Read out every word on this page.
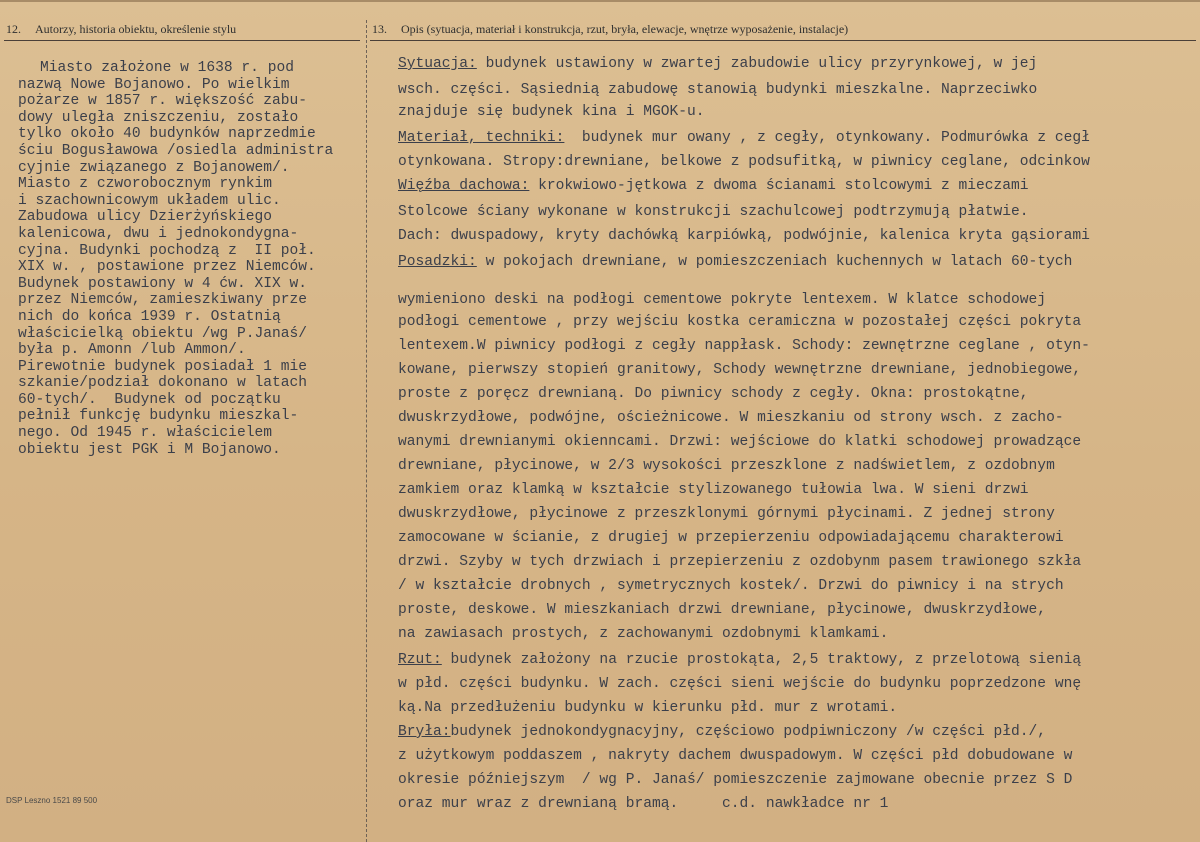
12. Autorzy, historia obiektu, określenie stylu	13. Opis (sytuacja, materiał i konstrukcja, rzut, bryła, elewacje, wnętrze wyposażenie, instalacje)
Miasto założone w 1638 r. pod
nazwą Nowe Bojanowo. Po wielkim
pożarze w 1857 r. większość zabu-
dowy uległa zniszczeniu, zostało
tylko około 40 budynków naprzedmie
ściu Bogusławowa /osiedla administra
cyjnie związanego z Bojanowem/.
Miasto z czworobocznym rynkim
i szachownicowym układem ulic.
Zabudowa ulicy Dzierżyńskiego
kalenicowa, dwu i jednokondygna-
cyjna. Budynki pochodzą z  II poł.
XIX w. , postawione przez Niemców.
Budynek postawiony w 4 ćw. XIX w.
przez Niemców, zamieszkiwany prze
nich do końca 1939 r. Ostatnią
właścicielką obiektu /wg P.Janaś/
była p. Amonn /lub Ammon/.
Pirewotnie budynek posiadał 1 mie
szkanie/podział dokonano w latach
60-tych/.  Budynek od początku
pełnił funkcję budynku mieszkal-
nego. Od 1945 r. właścicielem
obiektu jest PGK i M Bojanowo.
Sytuacja: budynek ustawiony w zwartej zabudowie ulicy przyrynkowej, w jej
wsch. części. Sąsiednią zabudowę stanowią budynki mieszkalne. Naprzeciwko
znajduje się budynek kina i MGOK-u.
Materiał, techniki:  budynek mur owany , z cegły, otynkowany. Podmurówka z cegł
otynkowana. Stropy:drewniane, belkowe z podsufitką, w piwnicy ceglane, odcinkow
Więźba dachowa: krokwiowo-jętkowa z dwoma ścianami stolcowymi z mieczami
Stolcowe ściany wykonane w konstrukcji szachulcowej podtrzymują płatwie.
Dach: dwuspadowy, kryty dachówką karpiówką, podwójnie, kalenica kryta gąsiorami
Posadzki: w pokojach drewniane, w pomieszczeniach kuchennych w latach 60-tych
wymieniono deski na podłogi cementowe pokryte lentexem. W klatce schodowej
podłogi cementowe , przy wejściu kostka ceramiczna w pozostałej części pokryta
lentexem.W piwnicy podłogi z cegły nappłask. Schody: zewnętrzne ceglane , otyn-
kowane, pierwszy stopień granitowy, Schody wewnętrzne drewniane, jednobiegowe,
proste z poręcz drewnianą. Do piwnicy schody z cegły. Okna: prostokątne,
dwuskrzydłowe, podwójne, ościeżnicowe. W mieszkaniu od strony wsch. z zacho-
wanymi drewnianymi okienncami. Drzwi: wejściowe do klatki schodowej prowadzące
drewniane, płycinowe, w 2/3 wysokości przeszklone z nadświetlem, z ozdobnym
zamkiem oraz klamką w kształcie stylizowanego tułowia lwa. W sieni drzwi
dwuskrzydłowe, płycinowe z przeszklonymi górnymi płycinami. Z jednej strony
zamocowane w ścianie, z drugiej w przepierzeniu odpowiadającemu charakterowi
drzwi. Szyby w tych drzwiach i przepierzeniu z ozdobynm pasem trawionego szkła
/ w kształcie drobnych , symetrycznych kostek/. Drzwi do piwnicy i na strych
proste, deskowe. W mieszkaniach drzwi drewniane, płycinowe, dwuskrzydłowe,
na zawiasach prostych, z zachowanymi ozdobnymi klamkami.
Rzut: budynek założony na rzucie prostokąta, 2,5 traktowy, z przelotową sienią
w płd. części budynku. W zach. części sieni wejście do budynku poprzedzone wnę
ką.Na przedłużeniu budynku w kierunku płd. mur z wrotami.
Bryła:budynek jednokondygnacyjny, częściowo podpiwniczony /w części płd./,
z użytkowym poddaszem , nakryty dachem dwuspadowym. W części płd dobudowane w
okresie późniejszym  / wg P. Janaś/ pomieszczenie zajmowane obecnie przez S D
oraz mur wraz z drewnianą bramą.     c.d. nawkładce nr 1
DSP Leszno 1521 89 500
